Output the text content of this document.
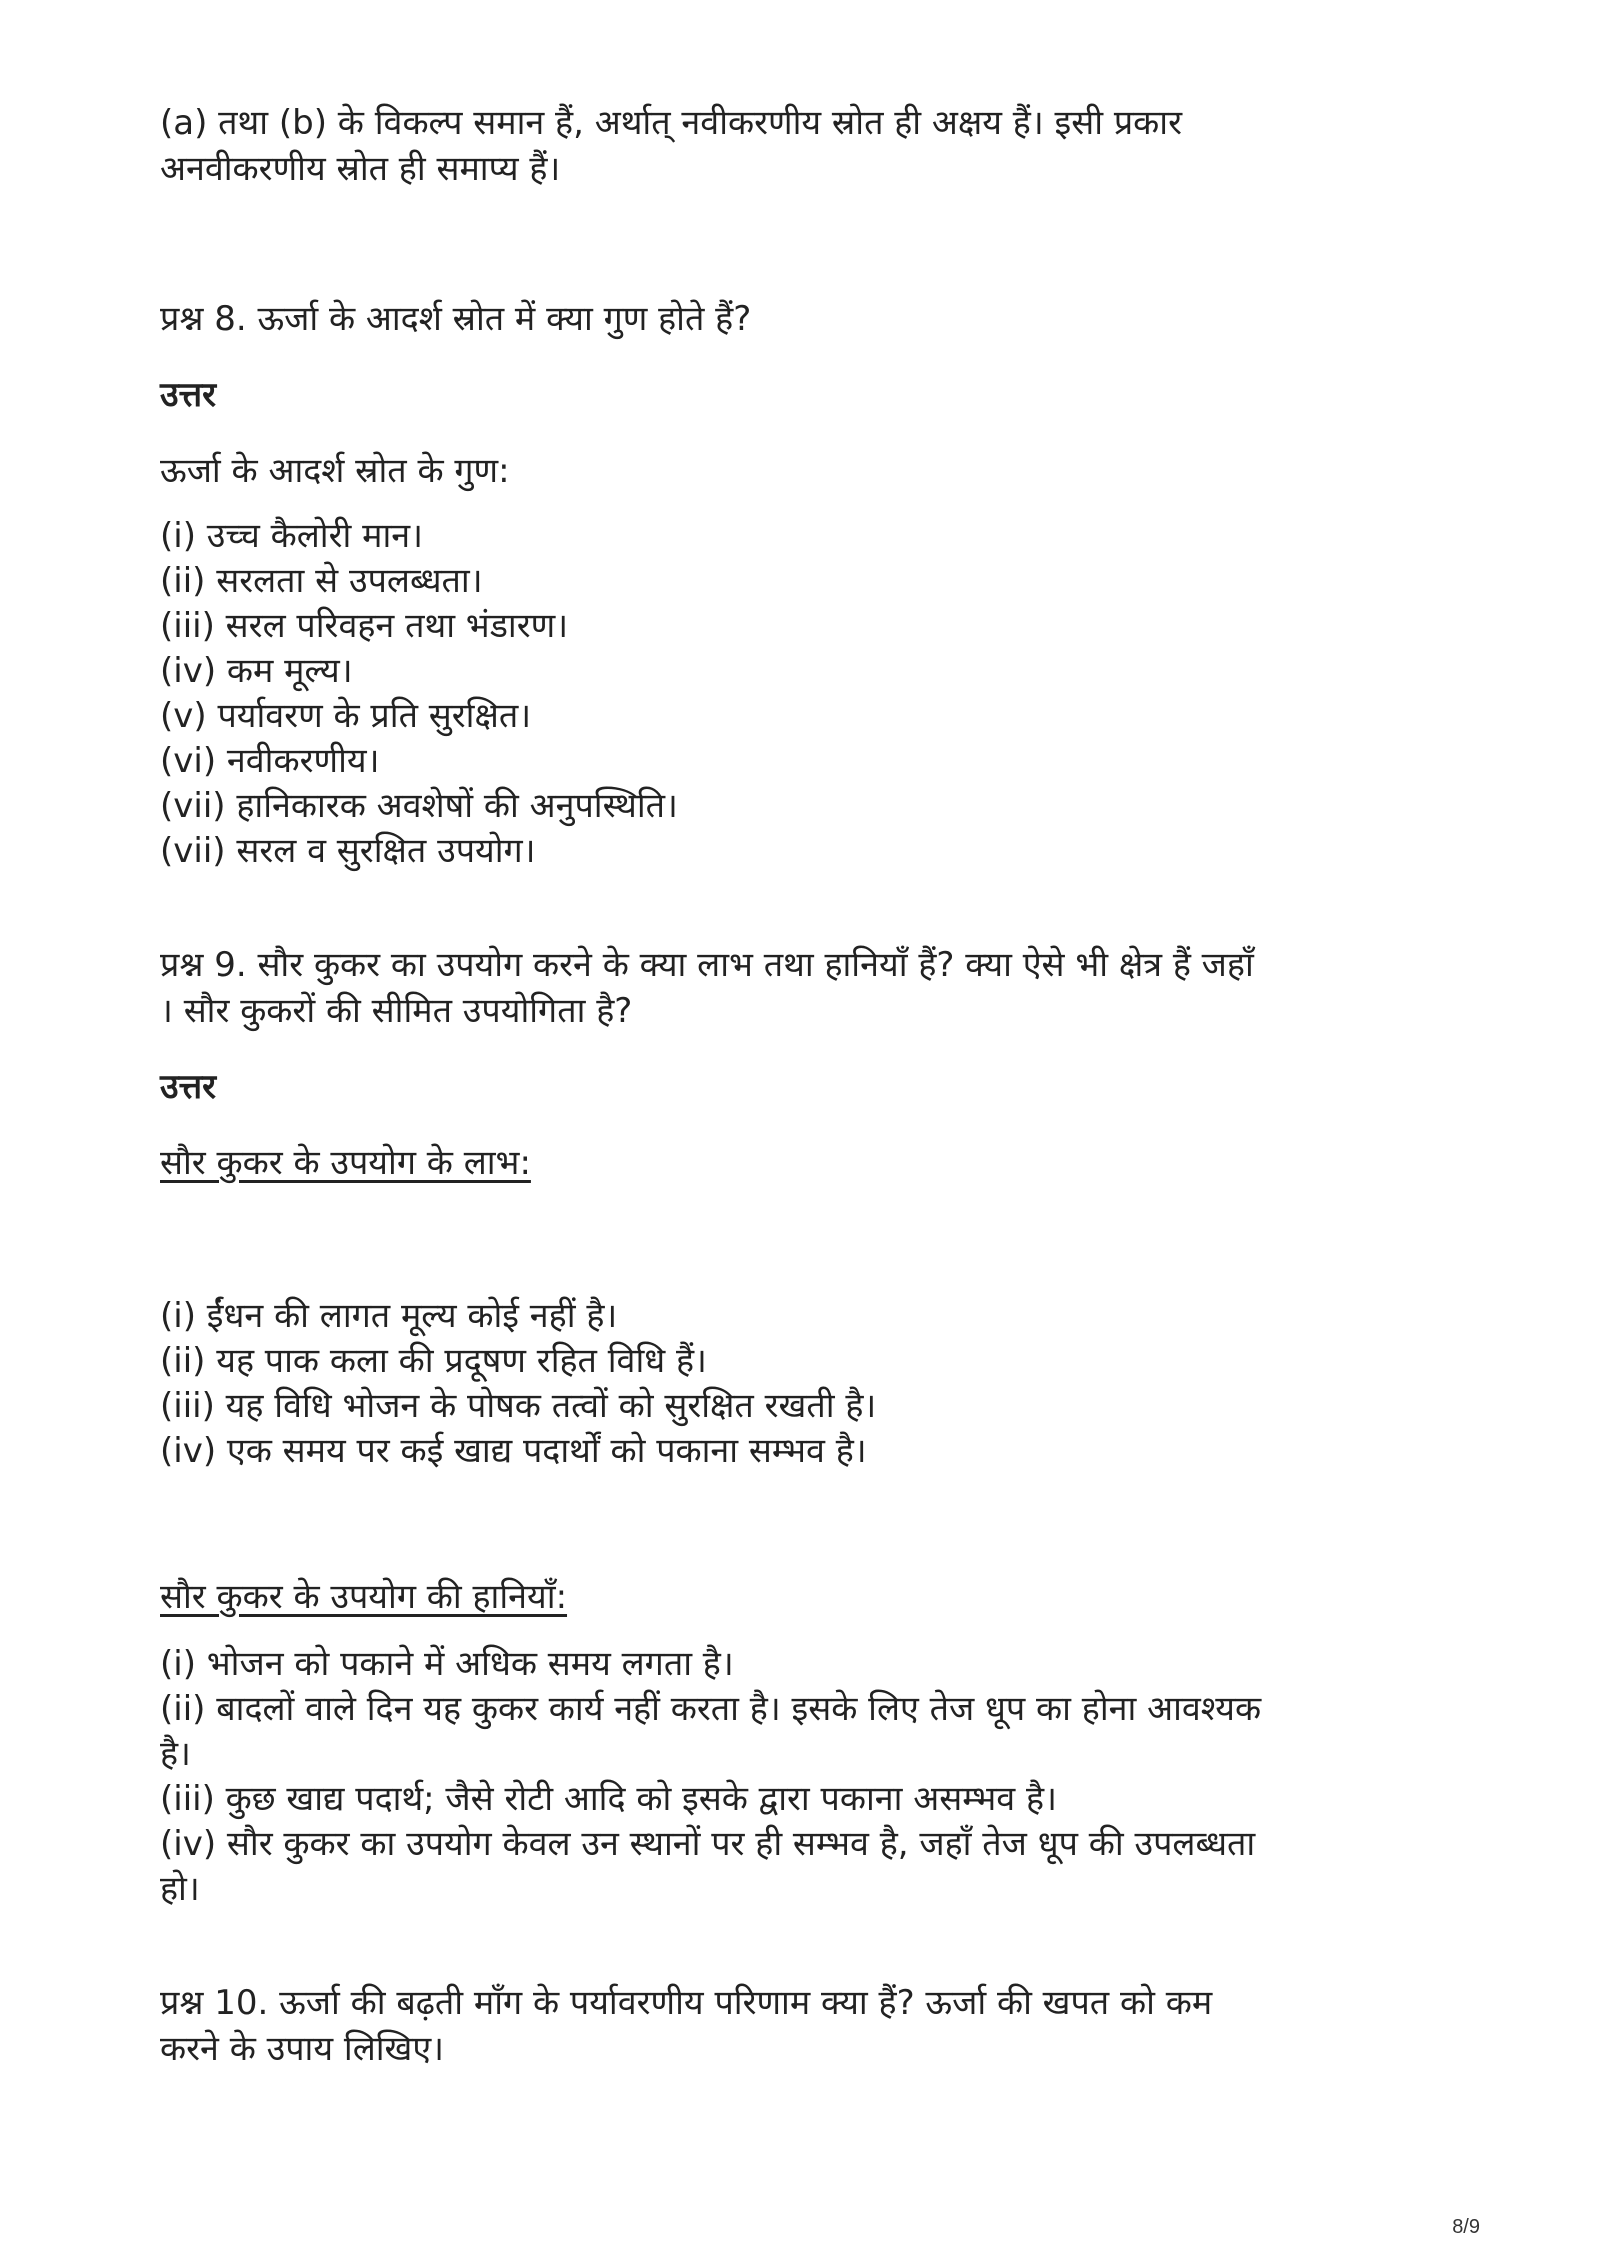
(a) तथा (b) के विकल्प समान हैं, अर्थात् नवीकरणीय स्रोत ही अक्षय हैं। इसी प्रकार

अनवीकरणीय स्रोत ही समाप्य हैं।

प्रश्न 8. ऊर्जा के आदर्श स्रोत में क्या गुण होते हैं?

उत्तर

ऊर्जा के आदर्श स्रोत के गुण:

(i) उच्च कैलोरी मान।
(ii) सरलता से उपलब्धता।
(iii) सरल परिवहन तथा भंडारण।
(iv) कम मूल्य।
(v) पर्यावरण के प्रति सुरक्षित।
(vi) नवीकरणीय।
(vii) हानिकारक अवशेषों की अनुपस्थिति।
(vii) सरल व सुरक्षित उपयोग।

प्रश्न 9. सौर कुकर का उपयोग करने के क्या लाभ तथा हानियाँ हैं? क्या ऐसे भी क्षेत्र हैं जहाँ

। सौर कुकरों की सीमित उपयोगिता है?

उत्तर

सौर कुकर के उपयोग के लाभ:

(i) ईंधन की लागत मूल्य कोई नहीं है।
(ii) यह पाक कला की प्रदूषण रहित विधि हैं।
(iii) यह विधि भोजन के पोषक तत्वों को सुरक्षित रखती है।
(iv) एक समय पर कई खाद्य पदार्थों को पकाना सम्भव है।

सौर कुकर के उपयोग की हानियाँ:

(i) भोजन को पकाने में अधिक समय लगता है।
(ii) बादलों वाले दिन यह कुकर कार्य नहीं करता है। इसके लिए तेज धूप का होना आवश्यक
है।
(iii) कुछ खाद्य पदार्थ; जैसे रोटी आदि को इसके द्वारा पकाना असम्भव है।
(iv) सौर कुकर का उपयोग केवल उन स्थानों पर ही सम्भव है, जहाँ तेज धूप की उपलब्धता
हो।

प्रश्न 10. ऊर्जा की बढ़ती माँग के पर्यावरणीय परिणाम क्या हैं? ऊर्जा की खपत को कम

करने के उपाय लिखिए।

8/9
